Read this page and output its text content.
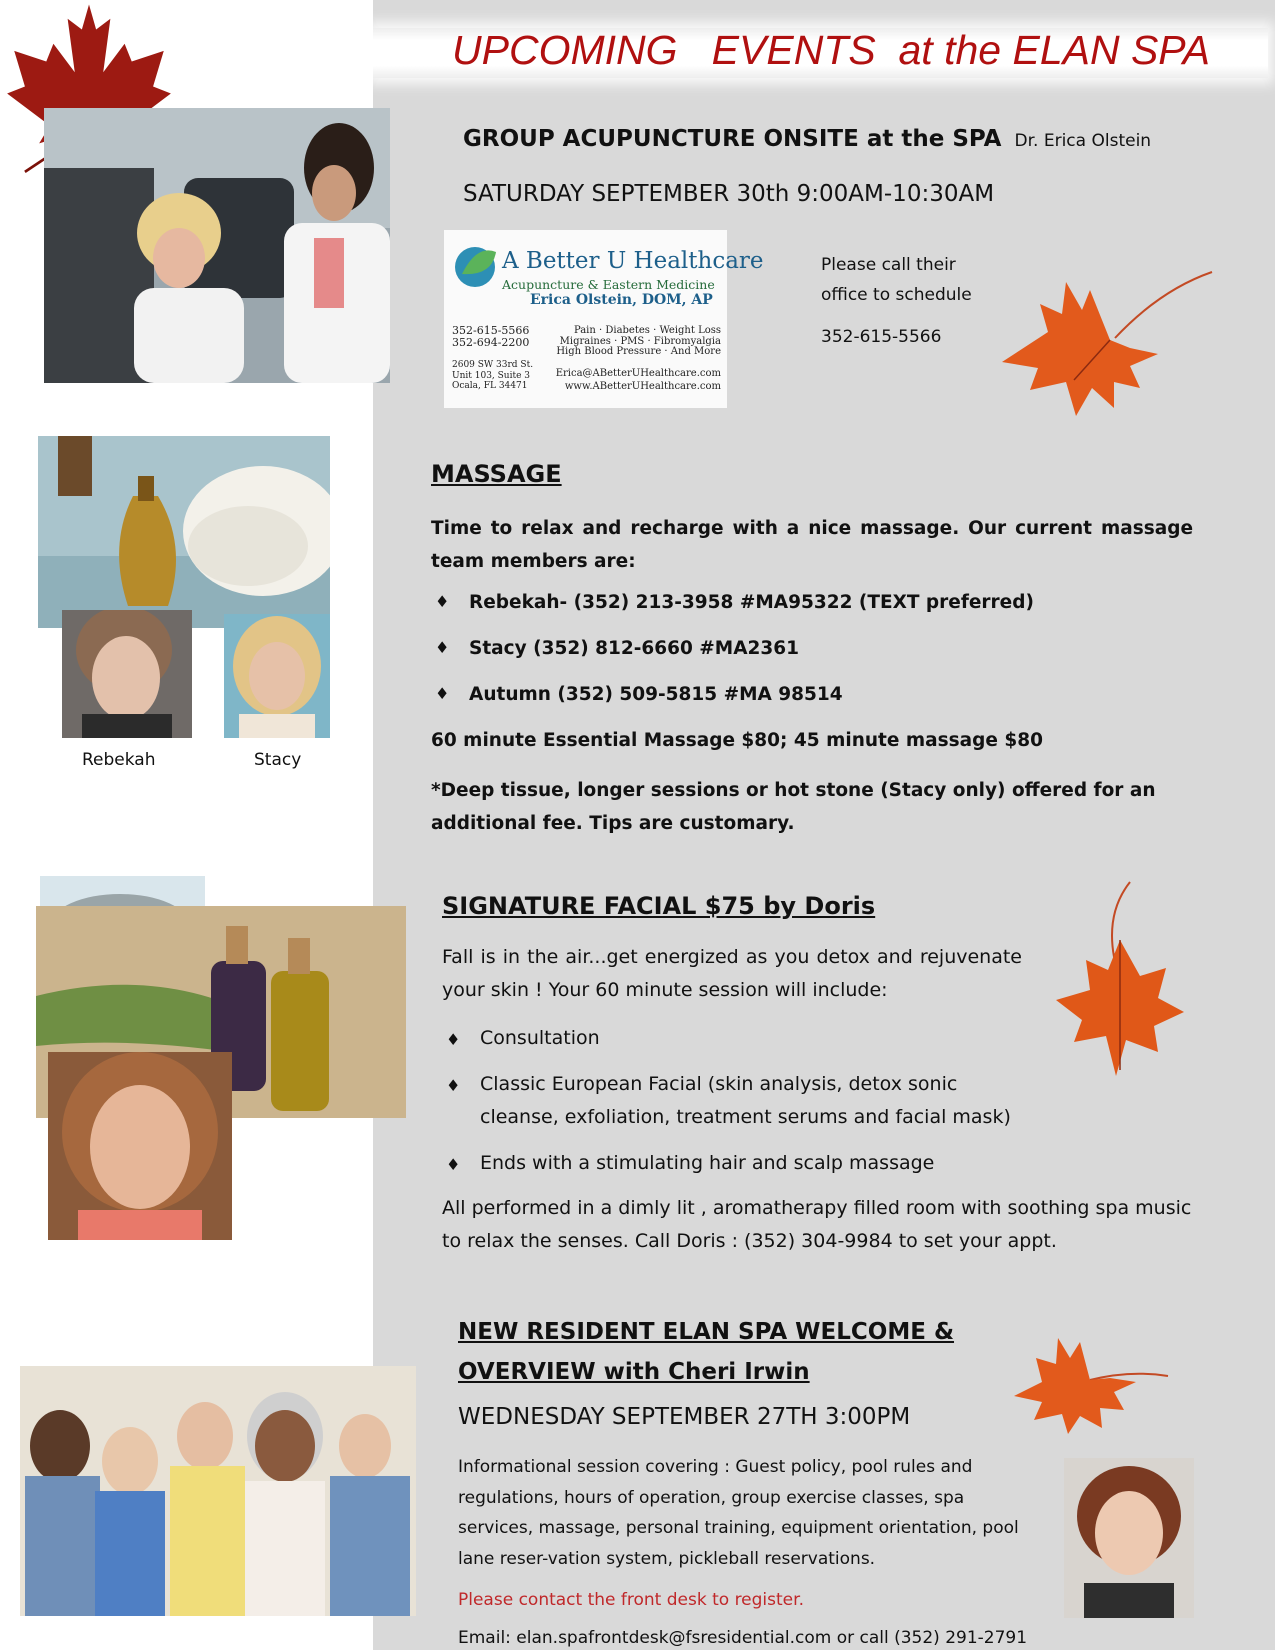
UPCOMING   EVENTS  at the ELAN SPA
A Better U Healthcare
Acupuncture & Eastern Medicine
Erica Olstein, DOM, AP
352-615-5566
352-694-2200
2609 SW 33rd St.
Unit 103, Suite 3
Ocala, FL 34471
Pain · Diabetes · Weight Loss
Migraines · PMS · Fibromyalgia
High Blood Pressure · And More
Erica@ABetterUHealthcare.com
www.ABetterUHealthcare.com
GROUP ACUPUNCTURE ONSITE at the SPA Dr. Erica Olstein
SATURDAY SEPTEMBER 30th 9:00AM-10:30AM
Please call their
office to schedule
352-615-5566
Rebekah	Stacy
MASSAGE
Time to relax and recharge with a nice massage. Our current massage team members are:
♦ Rebekah- (352) 213-3958 #MA95322 (TEXT preferred)
♦ Stacy (352) 812-6660 #MA2361
♦ Autumn (352) 509-5815 #MA 98514
60 minute Essential Massage $80; 45 minute massage $80
*Deep tissue, longer sessions or hot stone (Stacy only) offered for an additional fee. Tips are customary.
SIGNATURE FACIAL $75 by Doris
Fall is in the air...get energized as you detox and rejuvenate your skin ! Your 60 minute session will include:
♦ Consultation
♦ Classic European Facial (skin analysis, detox sonic cleanse, exfoliation, treatment serums and facial mask)
♦ Ends with a stimulating hair and scalp massage
All performed in a dimly lit , aromatherapy filled room with soothing spa music to relax the senses. Call Doris : (352) 304-9984 to set your appt.
NEW RESIDENT ELAN SPA WELCOME &
OVERVIEW with Cheri Irwin
WEDNESDAY SEPTEMBER 27TH 3:00PM
Informational session covering : Guest policy, pool rules and regulations, hours of operation, group exercise classes, spa services, massage, personal training, equipment orientation, pool lane reser-vation system, pickleball reservations.
Please contact the front desk to register.
Email: elan.spafrontdesk@fsresidential.com or call (352) 291-2791
